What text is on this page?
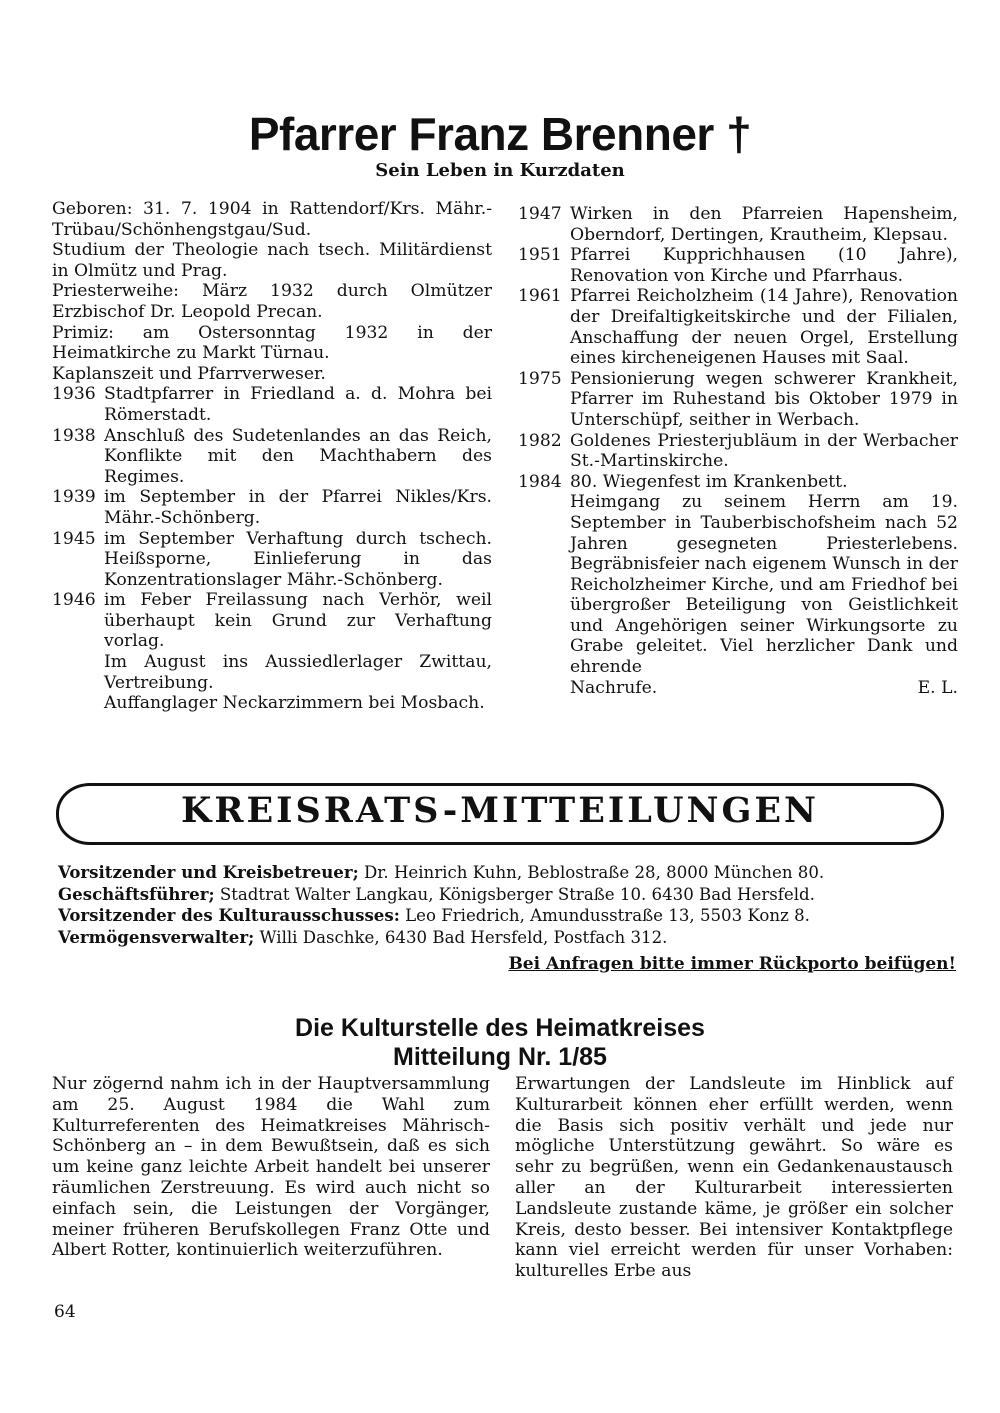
Pfarrer Franz Brenner †
Sein Leben in Kurzdaten
Geboren: 31. 7. 1904 in Rattendorf/Krs. Mähr.-Trübau/Schönhengstgau/Sud.
Studium der Theologie nach tsech. Militärdienst in Olmütz und Prag.
Priesterweihe: März 1932 durch Olmützer Erzbischof Dr. Leopold Precan.
Primiz: am Ostersonntag 1932 in der Heimatkirche zu Markt Türnau.
Kaplanszeit und Pfarrverweser.
1936 Stadtpfarrer in Friedland a. d. Mohra bei Römerstadt.
1938 Anschluß des Sudetenlandes an das Reich, Konflikte mit den Machthabern des Regimes.
1939 im September in der Pfarrei Nikles/Krs. Mähr.-Schönberg.
1945 im September Verhaftung durch tschech. Heißsporne, Einlieferung in das Konzentrationslager Mähr.-Schönberg.
1946 im Feber Freilassung nach Verhör, weil überhaupt kein Grund zur Verhaftung vorlag.
Im August ins Aussiedlerlager Zwittau, Vertreibung.
Auffanglager Neckarzimmern bei Mosbach.
1947 Wirken in den Pfarreien Hapensheim, Oberndorf, Dertingen, Krautheim, Klepsau.
1951 Pfarrei Kupprichhausen (10 Jahre), Renovation von Kirche und Pfarrhaus.
1961 Pfarrei Reicholzheim (14 Jahre), Renovation der Dreifaltigkeitskirche und der Filialen, Anschaffung der neuen Orgel, Erstellung eines kircheneigenen Hauses mit Saal.
1975 Pensionierung wegen schwerer Krankheit, Pfarrer im Ruhestand bis Oktober 1979 in Unterschüpf, seither in Werbach.
1982 Goldenes Priesterjubläum in der Werbacher St.-Martinskirche.
1984 80. Wiegenfest im Krankenbett.
Heimgang zu seinem Herrn am 19. September in Tauberbischofsheim nach 52 Jahren gesegneten Priesterlebens. Begräbnisfeier nach eigenem Wunsch in der Reicholzheimer Kirche, und am Friedhof bei übergroßer Beteiligung von Geistlichkeit und Angehörigen seiner Wirkungsorte zu Grabe geleitet. Viel herzlicher Dank und ehrende
Nachrufe.	E. L.
KREISRATS-MITTEILUNGEN
Vorsitzender und Kreisbetreuer; Dr. Heinrich Kuhn, Beblostraße 28, 8000 München 80.
Geschäftsführer; Stadtrat Walter Langkau, Königsberger Straße 10. 6430 Bad Hersfeld.
Vorsitzender des Kulturausschusses: Leo Friedrich, Amundusstraße 13, 5503 Konz 8.
Vermögensverwalter; Willi Daschke, 6430 Bad Hersfeld, Postfach 312.
Bei Anfragen bitte immer Rückporto beifügen!
Die Kulturstelle des Heimatkreises
Mitteilung Nr. 1/85
Nur zögernd nahm ich in der Hauptversammlung am 25. August 1984 die Wahl zum Kulturreferenten des Heimatkreises Mährisch-Schönberg an – in dem Bewußtsein, daß es sich um keine ganz leichte Arbeit handelt bei unserer räumlichen Zerstreuung. Es wird auch nicht so einfach sein, die Leistungen der Vorgänger, meiner früheren Berufskollegen Franz Otte und Albert Rotter, kontinuierlich weiterzuführen.
Erwartungen der Landsleute im Hinblick auf Kulturarbeit können eher erfüllt werden, wenn die Basis sich positiv verhält und jede nur mögliche Unterstützung gewährt. So wäre es sehr zu begrüßen, wenn ein Gedankenaustausch aller an der Kulturarbeit interessierten Landsleute zustande käme, je größer ein solcher Kreis, desto besser. Bei intensiver Kontaktpflege kann viel erreicht werden für unser Vorhaben: kulturelles Erbe aus
64
